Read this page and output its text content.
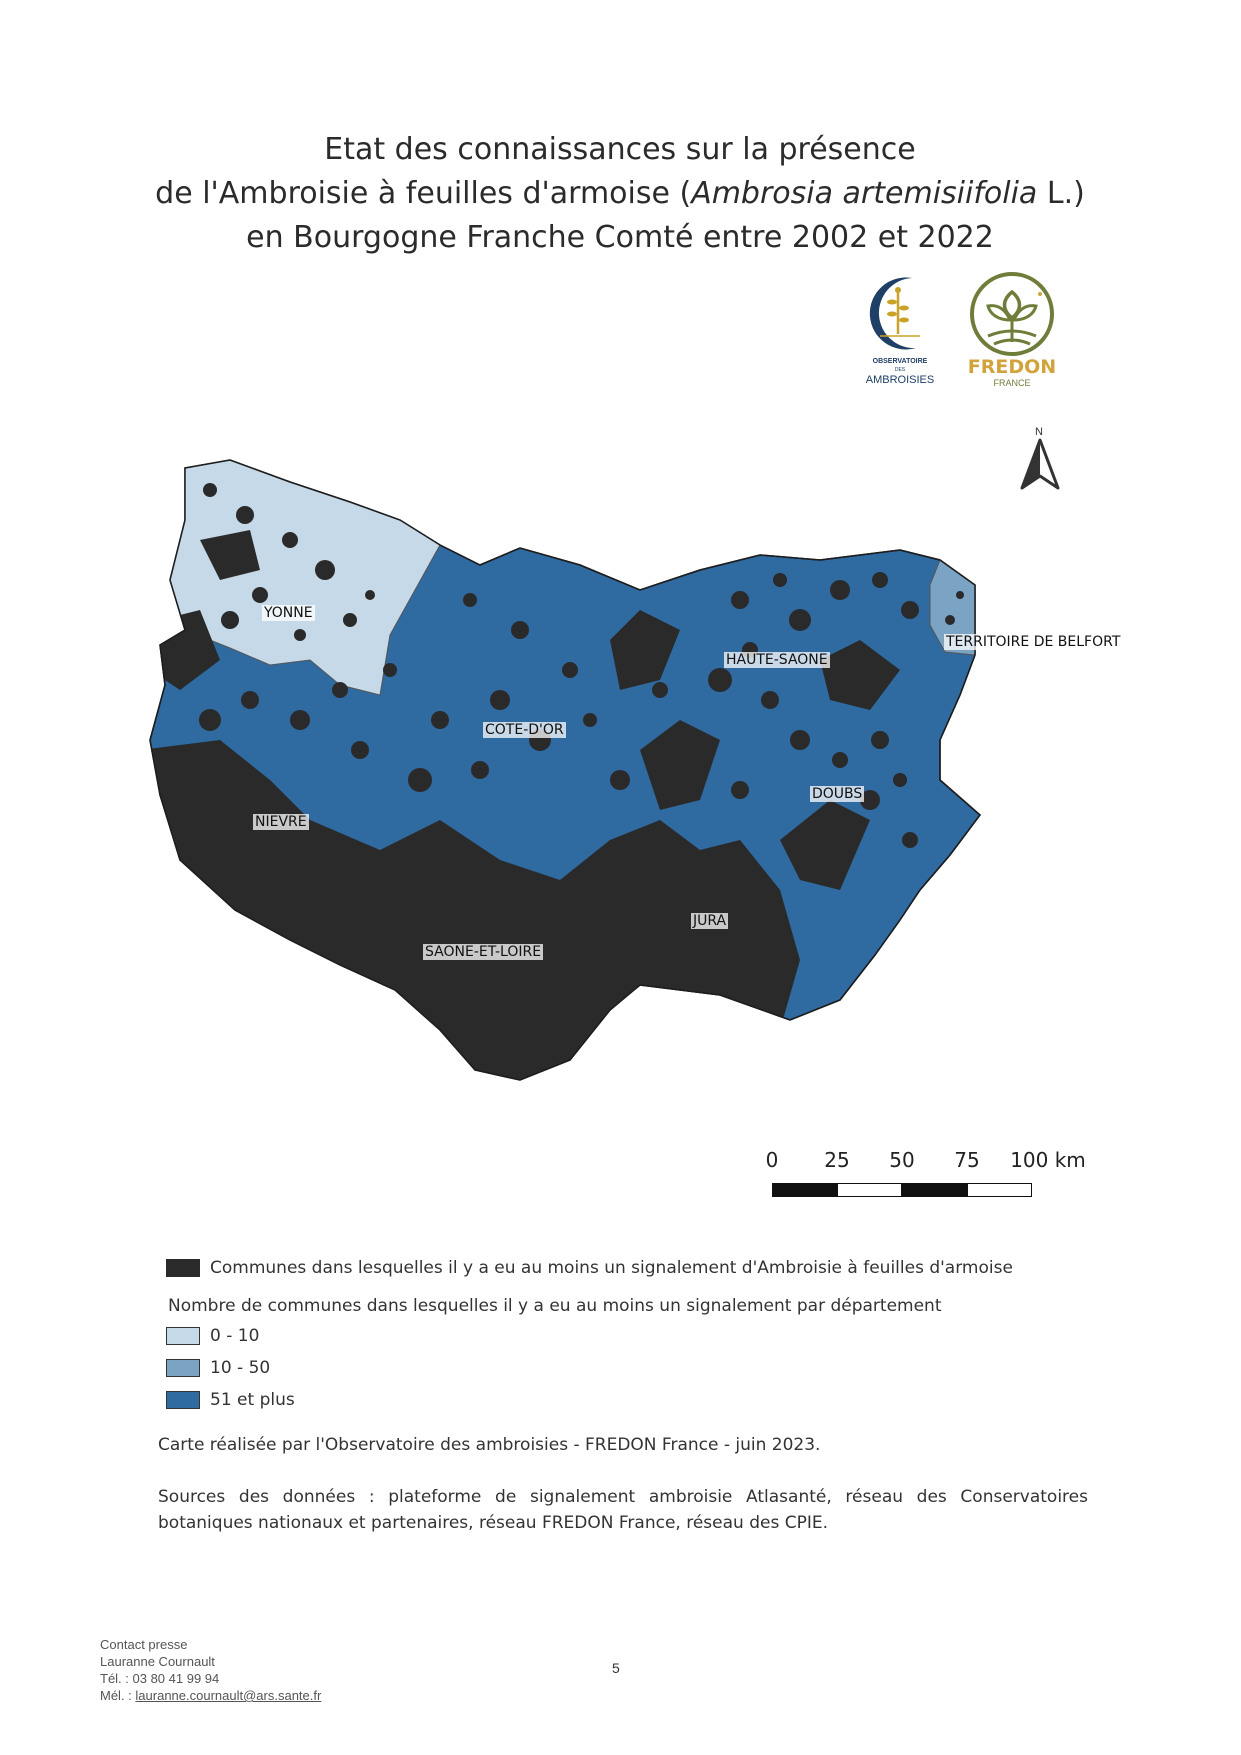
Etat des connaissances sur la présence
de l'Ambroisie à feuilles d'armoise (Ambrosia artemisiifolia L.)
en Bourgogne Franche Comté entre 2002 et 2022
OBSERVATOIRE
DES
AMBROISIES
FREDON
FRANCE
N
YONNE
TERRITOIRE DE BELFORT
HAUTE-SAONE
COTE-D'OR
DOUBS
NIEVRE
JURA
SAONE-ET-LOIRE
0 25 50 75 100 km
Communes dans lesquelles il y a eu au moins un signalement d'Ambroisie à feuilles d'armoise
Nombre de communes dans lesquelles il y a eu au moins un signalement par département
0 - 10
10 - 50
51 et plus
Carte réalisée par l'Observatoire des ambroisies - FREDON France - juin 2023.
Sources des données : plateforme de signalement ambroisie Atlasanté, réseau des Conservatoires botaniques nationaux et partenaires, réseau FREDON France, réseau des CPIE.
Contact presse
Lauranne Cournault
Tél. : 03 80 41 99 94
Mél. : lauranne.cournault@ars.sante.fr
5
